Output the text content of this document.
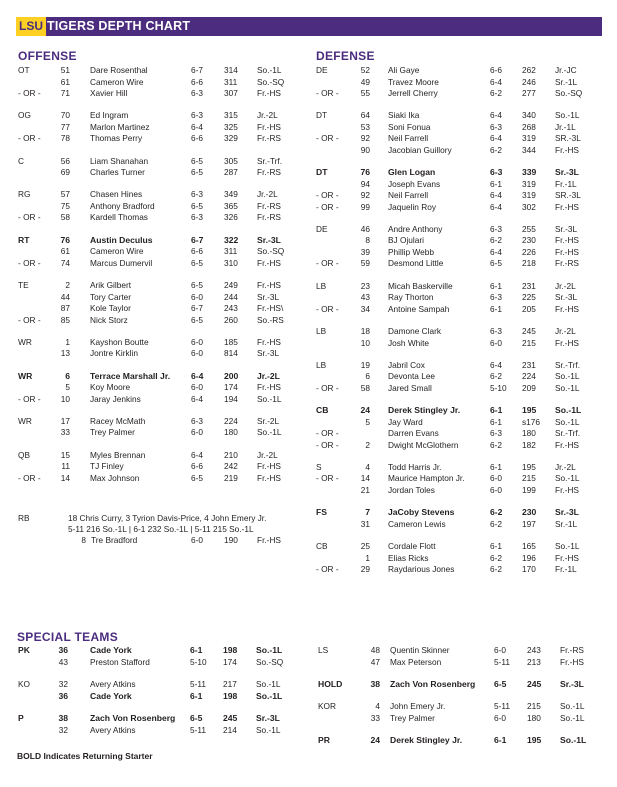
LSU TIGERS DEPTH CHART
OFFENSE	DEFENSE
SPECIAL TEAMS
OT	51 Dare Rosenthal	6-7	314 So.-1L
61 Cameron Wire	6-6	311 So.-SQ
- OR -	71 Xavier Hill	6-3	307 Fr.-HS
OG	70 Ed Ingram	6-3	315 Jr.-2L
77 Marlon Martinez	6-4	325 Fr.-HS
- OR -	78 Thomas Perry	6-6	329 Fr.-RS
C	56 Liam Shanahan	6-5	305 Sr.-Trf.
69 Charles Turner	6-5	287 Fr.-RS
RG	57 Chasen Hines	6-3	349 Jr.-2L
75 Anthony Bradford	6-5	365 Fr.-RS
- OR -	58 Kardell Thomas	6-3	326 Fr.-RS
RT	76 Austin Deculus	6-7 322 Sr.-3L
61 Cameron Wire	6-6	311 So.-SQ
- OR -	74 Marcus Dumervil	6-5	310 Fr.-HS
TE	2 Arik Gilbert	6-5	249 Fr.-HS
44 Tory Carter	6-0	244 Sr.-3L
87 Kole Taylor	6-7	243 Fr.-HS\
- OR -	85 Nick Storz	6-5	260 So.-RS
WR	1 Kayshon Boutte	6-0	185 Fr.-HS
13 Jontre Kirklin	6-0	814 Sr.-3L
WR	6 Terrace Marshall Jr. 6-4 200 Jr.-2L
5 Koy Moore	6-0	174 Fr.-HS
- OR -	10 Jaray Jenkins	6-4	194 So.-1L
WR	17 Racey McMath	6-3	224 Sr.-2L
33 Trey Palmer	6-0	180 So.-1L
QB	15 Myles Brennan	6-4	210 Jr.-2L
11 TJ Finley	6-6	242 Fr.-HS
- OR -	14 Max Johnson	6-5	219 Fr.-HS
RB	18 Chris Curry, 3 Tyrion Davis-Price, 4 John Emery Jr.
5-11 216 So.-1L | 6-1 232 So.-1L | 5-11 215 So.-1L
8 Tre Bradford	6-0	190 Fr.-HS
DE	52 Ali Gaye	6-6 262 Jr.-JC
49 Travez Moore	6-4 246 Sr.-1L
- OR -	55 Jerrell Cherry	6-2 277 So.-SQ
DT	64 Siaki Ika	6-4 340 So.-1L
53 Soni Fonua	6-3 268 Jr.-1L
- OR -	92 Neil Farrell	6-4 319 SR.-3L
90 Jacobian Guillory	6-2 344 Fr.-HS
DT	76 Glen Logan	6-3 339 Sr.-3L
94 Joseph Evans	6-1 319 Fr.-1L
- OR -	92 Neil Farrell	6-4 319 SR.-3L
- OR -	99 Jaquelin Roy	6-4 302 Fr.-HS
DE	46 Andre Anthony	6-3 255 Sr.-3L
8 BJ Ojulari	6-2 230 Fr.-HS
39 Phillip Webb	6-4 226 Fr.-HS
- OR -	59 Desmond Little	6-5 218 Fr.-RS
LB	23 Micah Baskerville	6-1 231 Jr.-2L
43 Ray Thorton	6-3 225 Sr.-3L
- OR -	34 Antoine Sampah	6-1 205 Fr.-HS
LB	18 Damone Clark	6-3 245 Jr.-2L
10 Josh White	6-0 215 Fr.-HS
LB	19 Jabril Cox	6-4 231 Sr.-Trf.
6 Devonta Lee	6-2 224 So.-1L
- OR -	58 Jared Small	5-10 209 So.-1L
CB	24 Derek Stingley Jr.	6-1 195 So.-1L
5 Jay Ward	6-1 s176 So.-1L
- OR -	Darren Evans	6-3 180 Sr.-Trf.
- OR -	2 Dwight McGlothern	6-2 182 Fr.-HS
S	4 Todd Harris Jr.	6-1 195 Jr.-2L
- OR -	14 Maurice Hampton Jr.	6-0 215 So.-1L
21 Jordan Toles	6-0 199 Fr.-HS
FS	7 JaCoby Stevens	6-2 230 Sr.-3L
31 Cameron Lewis	6-2 197 Sr.-1L
CB	25 Cordale Flott	6-1 165 So.-1L
1 Elias Ricks	6-2 196 Fr.-HS
- OR -	29 Raydarious Jones	6-2 170 Fr.-1L
PK	36	Cade York	6-1 198 So.-1L
43	Preston Stafford	5-10 174 So.-SQ
KO	32	Avery Atkins	5-11 217 So.-1L
36	Cade York	6-1 198 So.-1L
P	38	Zach Von Rosenberg 6-5 245 Sr.-3L
32	Avery Atkins	5-11 214 So.-1L
LS	48 Quentin Skinner	6-0	243 Fr.-RS
47 Max Peterson	5-11 213 Fr.-HS
HOLD	38 Zach Von Rosenberg 6-5 245 Sr.-3L
KOR	4 John Emery Jr.	5-11 215 So.-1L
33 Trey Palmer	6-0	180 So.-1L
PR	24 Derek Stingley Jr.	6-1 195 So.-1L
BOLD Indicates Returning Starter
